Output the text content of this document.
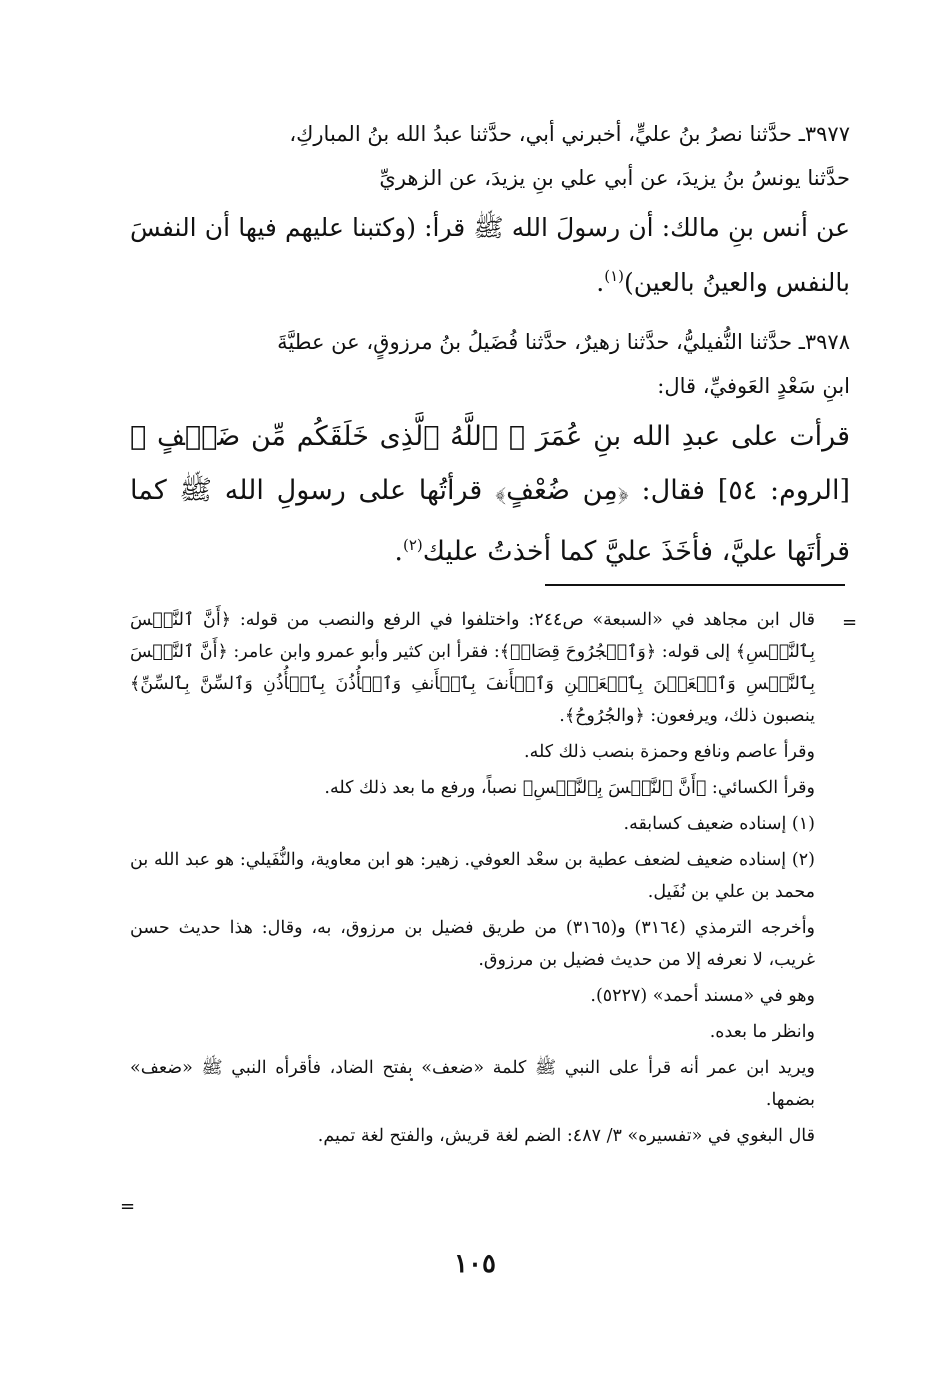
٣٩٧٧ـ حدَّثنا نصرُ بنُ عليٍّ، أخبرني أبي، حدَّثنا عبدُ الله بنُ المباركِ،

حدَّثنا يونسُ بنُ يزيدَ، عن أبي علي بنِ يزيدَ، عن الزهريِّ

عن أنس بنِ مالك: أن رسولَ الله ﷺ قرأ: (وكتبنا عليهم فيها أن النفسَ بالنفس والعينُ بالعين)$^{(١)}$.

٣٩٧٨ـ حدَّثنا النُّفيليُّ، حدَّثنا زهيرٌ، حدَّثنا فُضَيلُ بنُ مرزوقٍ، عن عطيَّةَ

ابنِ سَعْدٍ العَوفيِّ، قال:

قرأت على عبدِ الله بنِ عُمَرَ ﴿ ٱللَّهُ ٱلَّذِى خَلَقَكُم مِّن ضَعۡفٍ ﴾ [الروم: ٥٤] فقال: ﴿مِن ضُعْفٍ﴾ قرأتُها على رسولِ الله ﷺ كما قرأتَها عليَّ، فأخَذَ عليَّ كما أخذتُ عليك$^{(٢)}$.

=

قال ابن مجاهد في «السبعة» ص٢٤٤: واختلفوا في الرفع والنصب من قوله: ﴿أَنَّ ٱلنَّفۡسَ بِٱلنَّفۡسِ﴾ إلى قوله: ﴿وَٱلۡجُرُوحَ قِصَاصٞ﴾: فقرأ ابن كثير وأبو عمرو وابن عامر: ﴿أَنَّ ٱلنَّفۡسَ بِٱلنَّفۡسِ وَٱلۡعَيۡنَ بِٱلۡعَيۡنِ وَٱلۡأَنفَ بِٱلۡأَنفِ وَٱلۡأُذُنَ بِٱلۡأُذُنِ وَٱلسِّنَّ بِٱلسِّنِّ﴾ ينصبون ذلك، ويرفعون: ﴿والجُرُوحُ﴾.

وقرأ عاصم ونافع وحمزة بنصب ذلك كله.

وقرأ الكسائي: ﴿أَنَّ ٱلنَّفۡسَ بِٱلنَّفۡسِ﴾ نصباً، ورفع ما بعد ذلك كله.

(١) إسناده ضعيف كسابقه.

(٢) إسناده ضعيف لضعف عطية بن سعْد العوفي. زهير: هو ابن معاوية، والنُّفَيلي: هو عبد الله بن محمد بن علي بن نُفَيل.

وأخرجه الترمذي (٣١٦٤) و(٣١٦٥) من طريق فضيل بن مرزوق، به، وقال: هذا حديث حسن غريب، لا نعرفه إلا من حديث فضيل بن مرزوق.

وهو في «مسند أحمد» (٥٢٢٧).

وانظر ما بعده.

ويريد ابن عمر أنه قرأ على النبي ﷺ كلمة «ضعف» بفتح الضاد، فأقرأه النبي ﷺ «ضعف» بضمها.

قال البغوي في «تفسيره» ٣/ ٤٨٧: الضم لغة قريش، والفتح لغة تميم.

=
١٠٥
